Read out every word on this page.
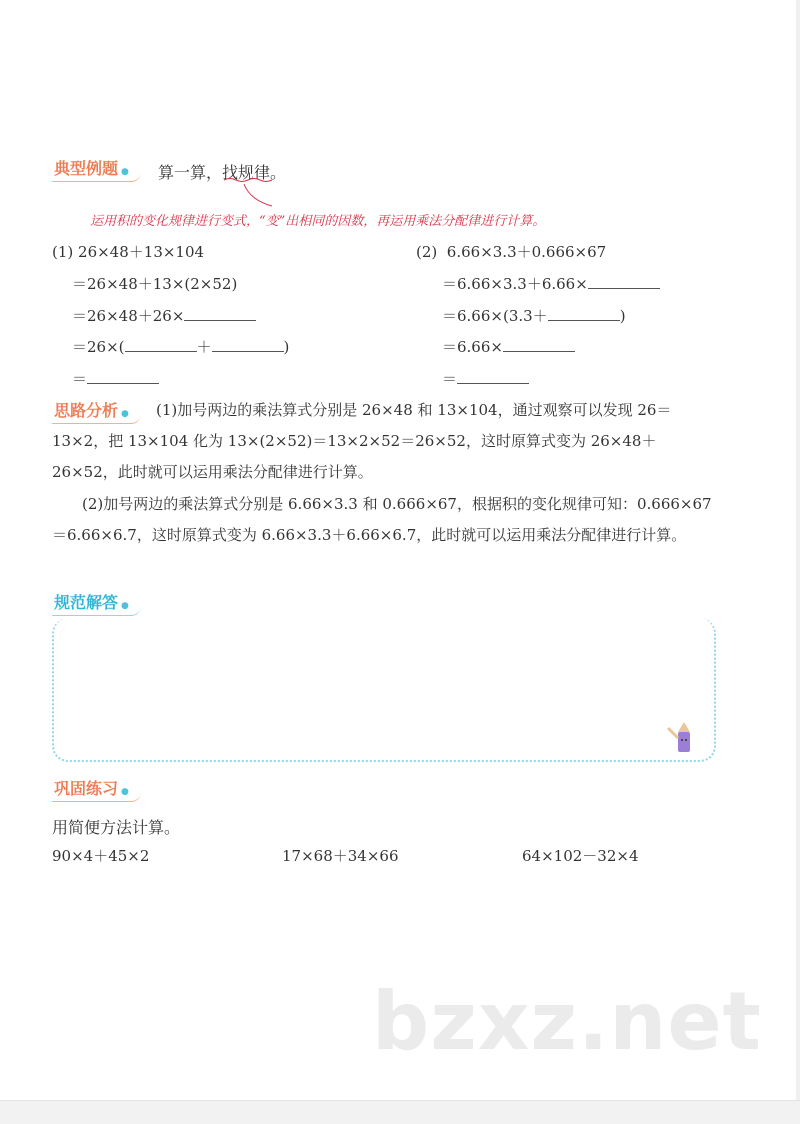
典型例题 ●	算一算，找规律。
运用积的变化规律进行变式，“变”出相同的因数，再运用乘法分配律进行计算。
(1) 26×48＋13×104
＝26×48＋13×(2×52)
＝26×48＋26×
＝26×(	＋	)
＝
(2) 6.66×3.3＋0.666×67
＝6.66×3.3＋6.66×
＝6.66×(3.3＋	)
＝6.66×
＝
思路分析 ●	(1)加号两边的乘法算式分别是 26×48 和 13×104，通过观察可以发现 26＝13×2，把 13×104 化为 13×(2×52)＝13×2×52＝26×52，这时原算式变为 26×48＋26×52，此时就可以运用乘法分配律进行计算。
(2)加号两边的乘法算式分别是 6.66×3.3 和 0.666×67，根据积的变化规律可知：0.666×67＝6.66×6.7，这时原算式变为 6.66×3.3＋6.66×6.7，此时就可以运用乘法分配律进行计算。
规范解答 ●
巩固练习 ●
用简便方法计算。
90×4＋45×2	17×68＋34×66	64×102－32×4
bzxz.net
